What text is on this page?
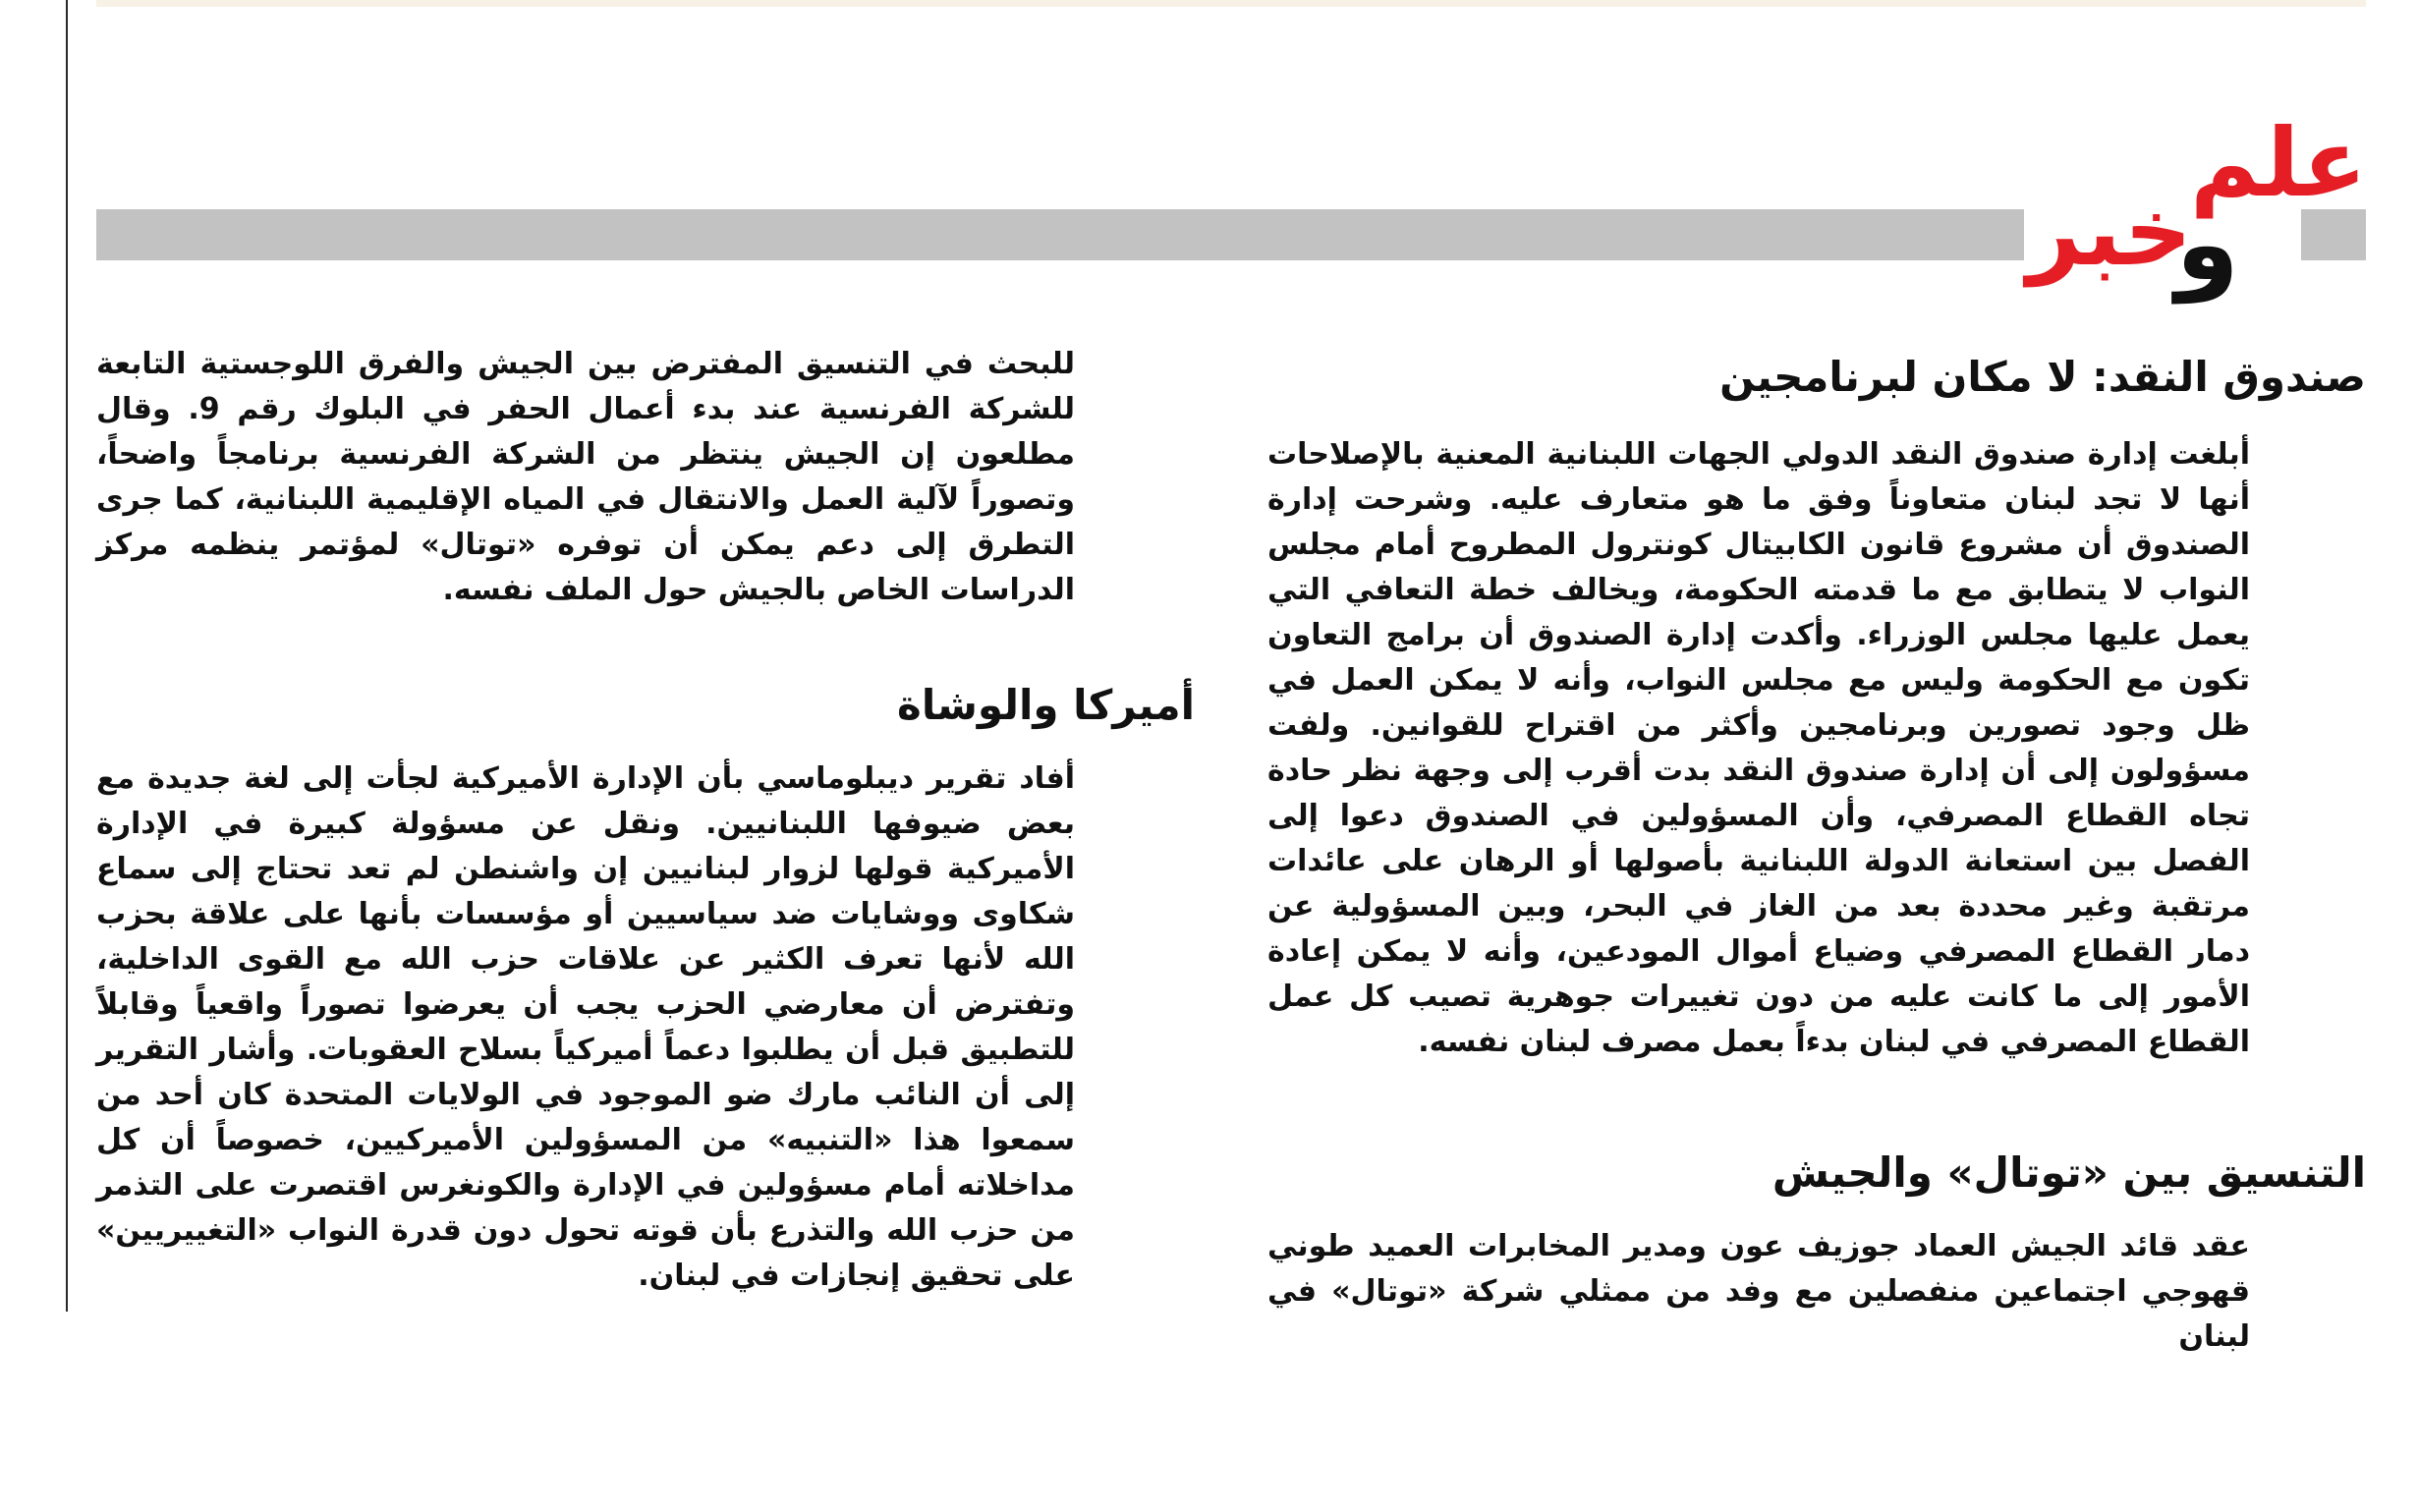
علم
و
خبر
صندوق النقد: لا مكان لبرنامجين

أبلغت إدارة صندوق النقد الدولي الجهات اللبنانية المعنية بالإصلاحات أنها لا تجد لبنان متعاوناً وفق ما هو متعارف عليه. وشرحت إدارة الصندوق أن مشروع قانون الكابيتال كونترول المطروح أمام مجلس النواب لا يتطابق مع ما قدمته الحكومة، ويخالف خطة التعافي التي يعمل عليها مجلس الوزراء. وأكدت إدارة الصندوق أن برامج التعاون تكون مع الحكومة وليس مع مجلس النواب، وأنه لا يمكن العمل في ظل وجود تصورين وبرنامجين وأكثر من اقتراح للقوانين. ولفت مسؤولون إلى أن إدارة صندوق النقد بدت أقرب إلى وجهة نظر حادة تجاه القطاع المصرفي، وأن المسؤولين في الصندوق دعوا إلى الفصل بين استعانة الدولة اللبنانية بأصولها أو الرهان على عائدات مرتقبة وغير محددة بعد من الغاز في البحر، وبين المسؤولية عن دمار القطاع المصرفي وضياع أموال المودعين، وأنه لا يمكن إعادة الأمور إلى ما كانت عليه من دون تغييرات جوهرية تصيب كل عمل القطاع المصرفي في لبنان بدءاً بعمل مصرف لبنان نفسه.

التنسيق بين «توتال» والجيش

عقد قائد الجيش العماد جوزيف عون ومدير المخابرات العميد طوني قهوجي اجتماعين منفصلين مع وفد من ممثلي شركة «توتال» في لبنان

للبحث في التنسيق المفترض بين الجيش والفرق اللوجستية التابعة للشركة الفرنسية عند بدء أعمال الحفر في البلوك رقم 9. وقال مطلعون إن الجيش ينتظر من الشركة الفرنسية برنامجاً واضحاً، وتصوراً لآلية العمل والانتقال في المياه الإقليمية اللبنانية، كما جرى التطرق إلى دعم يمكن أن توفره «توتال» لمؤتمر ينظمه مركز الدراسات الخاص بالجيش حول الملف نفسه.

أميركا والوشاة

أفاد تقرير ديبلوماسي بأن الإدارة الأميركية لجأت إلى لغة جديدة مع بعض ضيوفها اللبنانيين. ونقل عن مسؤولة كبيرة في الإدارة الأميركية قولها لزوار لبنانيين إن واشنطن لم تعد تحتاج إلى سماع شكاوى ووشايات ضد سياسيين أو مؤسسات بأنها على علاقة بحزب الله لأنها تعرف الكثير عن علاقات حزب الله مع القوى الداخلية، وتفترض أن معارضي الحزب يجب أن يعرضوا تصوراً واقعياً وقابلاً للتطبيق قبل أن يطلبوا دعماً أميركياً بسلاح العقوبات. وأشار التقرير إلى أن النائب مارك ضو الموجود في الولايات المتحدة كان أحد من سمعوا هذا «التنبيه» من المسؤولين الأميركيين، خصوصاً أن كل مداخلاته أمام مسؤولين في الإدارة والكونغرس اقتصرت على التذمر من حزب الله والتذرع بأن قوته تحول دون قدرة النواب «التغييريين» على تحقيق إنجازات في لبنان.
